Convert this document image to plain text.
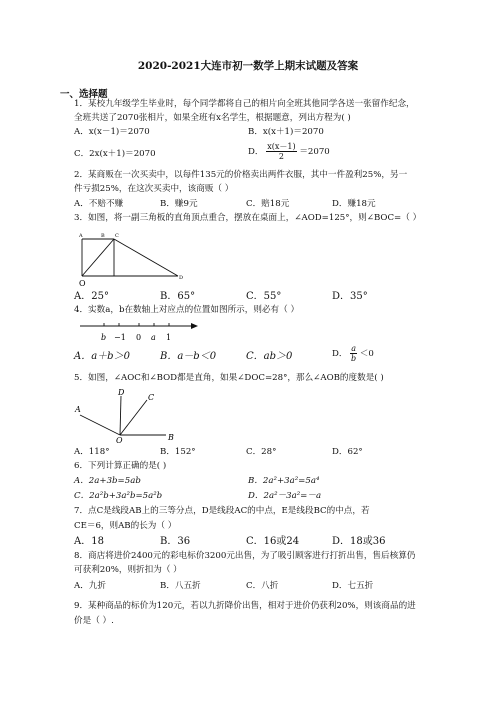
2020-2021大连市初一数学上期末试题及答案
一、选择题
1．某校九年级学生毕业时，每个同学都将自己的相片向全班其他同学各送一张留作纪念，
全班共送了2070张相片，如果全班有x名学生，根据题意，列出方程为( )
A．x(x－1)＝2070	B．x(x＋1)＝2070
C．2x(x＋1)＝2070	D． $\frac{x(x-1)}{2} =2070$
2．某商贩在一次买卖中，以每件135元的价格卖出两件衣服，其中一件盈利25%，另一
件亏损25%，在这次买卖中，该商贩（ ）
A．不赔不赚	B．赚9元	C．赔18元	D．赚18元
3．如图，将一副三角板的直角顶点重合，摆放在桌面上，∠AOD=125°，则∠BOC=（ ）
A	B C
O
D
A．25°	B．65°	C．55°	D．35°
4．实数a，b在数轴上对应点的位置如图所示，则必有（ ）
b −1 0 a 1
A．a＋b＞0	B．a－b＜0	C．ab＞0	D． $\frac{a}{b} <0$
5．如图，∠AOC和∠BOD都是直角，如果∠DOC=28°，那么∠AOB的度数是( )
D
C
A
O	B
A．118°	B．152°	C．28°	D．62°
6．下列计算正确的是( )
A．2a+3b=5ab	B．2a²+3a²=5a⁴
C．2a²b+3a²b=5a²b	D．2a²－3a²=－a
7．点C是线段AB上的三等分点，D是线段AC的中点，E是线段BC的中点，若
CE＝6，则AB的长为（ ）
A．18	B．36	C．16或24	D．18或36
8．商店将进价2400元的彩电标价3200元出售，为了吸引顾客进行打折出售，售后核算仍
可获利20%，则折扣为（ ）
A．九折	B．八五折	C．八折	D．七五折
9．某种商品的标价为120元，若以九折降价出售，相对于进价仍获利20%，则该商品的进
价是（ ）.
